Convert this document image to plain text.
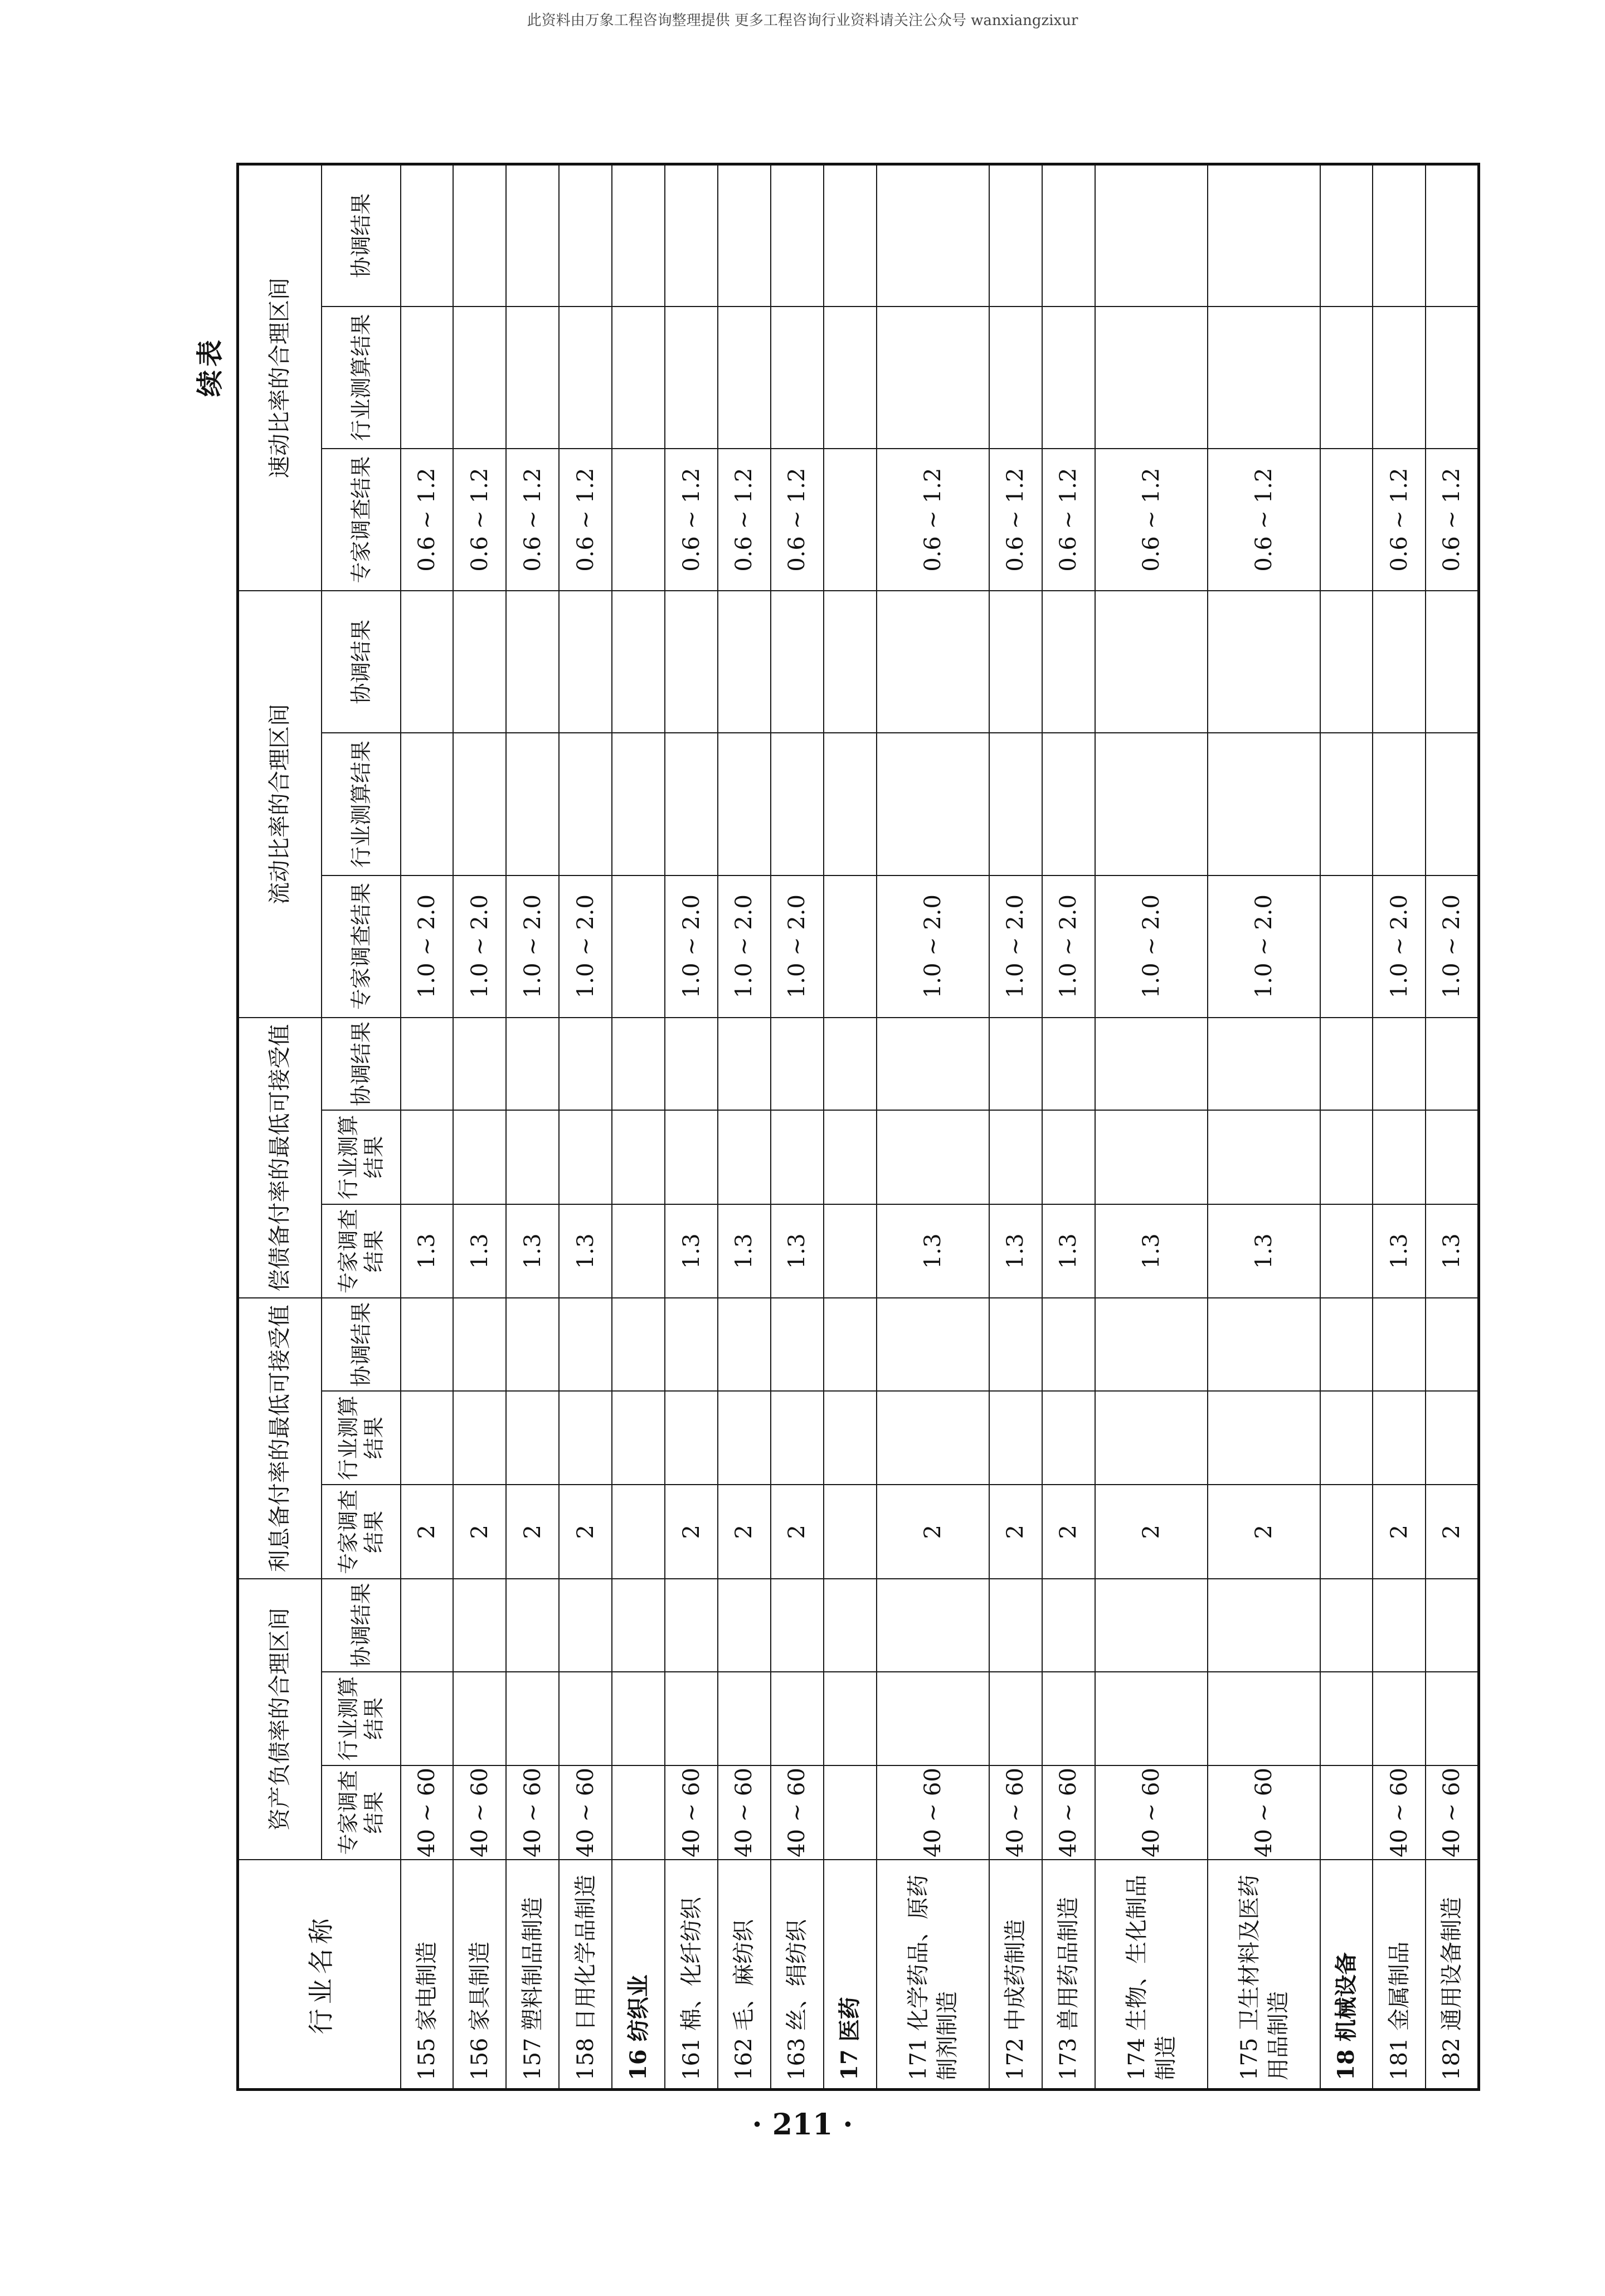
此资料由万象工程咨询整理提供 更多工程咨询行业资料请关注公众号 wanxiangzixur
续表
行业名称	资产负债率的合理区间			利息备付率的最低可接受值			偿债备付率的最低可接受值			流动比率的合理区间			速动比率的合理区间		
	专家调查结果	行业测算结果	协调结果	专家调查结果	行业测算结果	协调结果	专家调查结果	行业测算结果	协调结果	专家调查结果	行业测算结果	协调结果	专家调查结果	行业测算结果	协调结果
155 家电制造	40 ~ 60			2			1.3			1.0 ~ 2.0			0.6 ~ 1.2		
156 家具制造	40 ~ 60			2			1.3			1.0 ~ 2.0			0.6 ~ 1.2		
157 塑料制品制造	40 ~ 60			2			1.3			1.0 ~ 2.0			0.6 ~ 1.2		
158 日用化学品制造	40 ~ 60			2			1.3			1.0 ~ 2.0			0.6 ~ 1.2		
16 纺织业															
161 棉、化纤纺织	40 ~ 60			2			1.3			1.0 ~ 2.0			0.6 ~ 1.2		
162 毛、麻纺织	40 ~ 60			2			1.3			1.0 ~ 2.0			0.6 ~ 1.2		
163 丝、绢纺织	40 ~ 60			2			1.3			1.0 ~ 2.0			0.6 ~ 1.2		
17 医药															
171 化学药品、原药制剂制造	40 ~ 60			2			1.3			1.0 ~ 2.0			0.6 ~ 1.2		
172 中成药制造	40 ~ 60			2			1.3			1.0 ~ 2.0			0.6 ~ 1.2		
173 兽用药品制造	40 ~ 60			2			1.3			1.0 ~ 2.0			0.6 ~ 1.2		
174 生物、生化制品制造	40 ~ 60			2			1.3			1.0 ~ 2.0			0.6 ~ 1.2		
175 卫生材料及医药用品制造	40 ~ 60			2			1.3			1.0 ~ 2.0			0.6 ~ 1.2		
18 机械设备															
181 金属制品	40 ~ 60			2			1.3			1.0 ~ 2.0			0.6 ~ 1.2		
182 通用设备制造	40 ~ 60			2			1.3			1.0 ~ 2.0			0.6 ~ 1.2		
· 211 ·
